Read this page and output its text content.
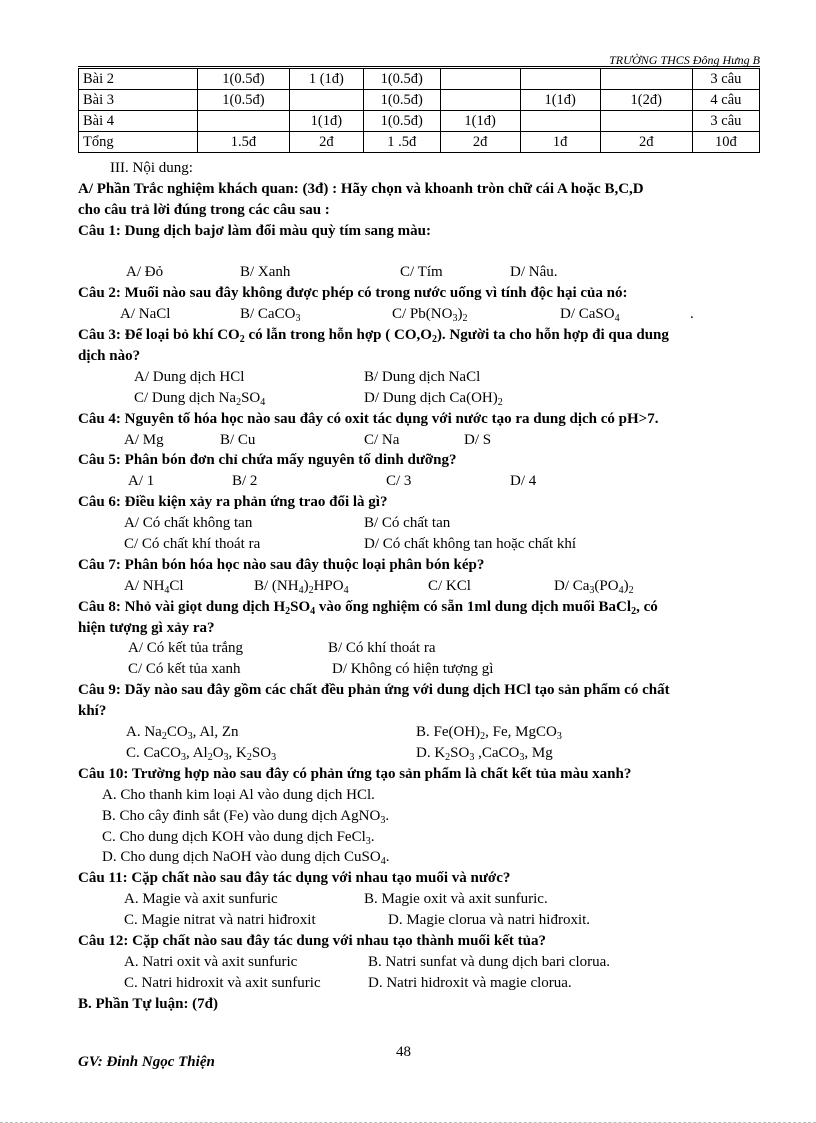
TRƯỜNG THCS Đông Hưng B
Bài 2	1(0.5đ)	1 (1đ)	1(0.5đ)				3 câu
Bài 3	1(0.5đ)		1(0.5đ)		1(1đ)	1(2đ)	4 câu
Bài 4		1(1đ)	1(0.5đ)	1(1đ)			3 câu
Tổng	1.5đ	2đ	1 .5đ	2đ	1đ	2đ	10đ
III. Nội dung:
A/ Phần Trắc nghiệm khách quan: (3đ) : Hãy chọn và khoanh tròn chữ cái A hoặc B,C,D
cho câu trả lời đúng trong các câu sau :
Câu 1: Dung dịch bajơ làm đổi màu quỳ tím sang màu:
A/ Đỏ	B/ Xanh	C/ Tím	D/ Nâu.
Câu 2: Muối nào sau đây không được phép có trong nước uống vì tính độc hại của nó:
A/ NaCl	B/ CaCO$_3$	C/ $Pb(NO_3)_2$	D/ CaSO$_4$	.
Câu 3: Để loại bỏ khí $CO_2$ có lẫn trong hỗn hợp ( $CO,O_2$). Người ta cho hỗn hợp đi qua dung
dịch nào?
A/ Dung dịch HCl	B/ Dung dịch NaCl
C/ Dung dịch $Na_2SO_4$	D/ Dung dịch $Ca(OH)_2$
Câu 4: Nguyên tố hóa học nào sau đây có oxit tác dụng với nước tạo ra dung dịch có pH>7.
A/ Mg	B/ Cu	C/ Na	D/ S
Câu 5: Phân bón đơn chỉ chứa mấy nguyên tố dinh dưỡng?
A/ 1	B/ 2	C/ 3	D/ 4
Câu 6: Điều kiện xảy ra phản ứng trao đổi là gì?
A/ Có chất không tan	B/ Có chất tan
C/ Có chất khí thoát ra	D/ Có chất không tan hoặc chất khí
Câu 7: Phân bón hóa học nào sau đây thuộc loại phân bón kép?
A/ $NH_4Cl$	B/ $(NH_4)_2HPO_4$	C/ KCl	D/ $Ca_3(PO_4)_2$
Câu 8: Nhỏ vài giọt dung dịch $H_2SO_4$ vào ống nghiệm có sẵn 1ml dung dịch muối BaCl$_2$, có
hiện tượng gì xảy ra?
A/ Có kết tủa trắng	B/ Có khí thoát ra
C/ Có kết tủa xanh	D/ Không có hiện tượng gì
Câu 9: Dãy nào sau đây gồm các chất đều phản ứng với dung dịch HCl tạo sản phẩm có chất
khí?
A. $Na_2CO_3$, Al, Zn	B. $Fe(OH)_2$, Fe, MgCO$_3$
C. CaCO$_3$, $Al_2O_3$, $K_2SO_3$	D. $K_2SO_3$ ,CaCO$_3$, Mg
Câu 10: Trường hợp nào sau đây có phản ứng tạo sản phẩm là chất kết tủa màu xanh?
A. Cho thanh kim loại Al vào dung dịch HCl.
B. Cho cây đinh sắt (Fe) vào dung dịch AgNO$_3$.
C. Cho dung dịch KOH vào dung dịch FeCl$_3$.
D. Cho dung dịch NaOH vào dung dịch CuSO$_4$.
Câu 11: Cặp chất nào sau đây tác dụng với nhau tạo muối và nước?
A. Magie và axit sunfuric	B. Magie oxit và axit sunfuric.
C. Magie nitrat và natri hiđroxit	D. Magie clorua và natri hiđroxit.
Câu 12: Cặp chất nào sau đây tác dung với nhau tạo thành muối kết tủa?
A. Natri oxit và axit sunfuric	B. Natri sunfat và dung dịch bari clorua.
C. Natri hidroxit và axit sunfuric	D. Natri hidroxit và magie clorua.
B. Phần Tự luận: (7đ)
48
GV: Đinh Ngọc Thiện
